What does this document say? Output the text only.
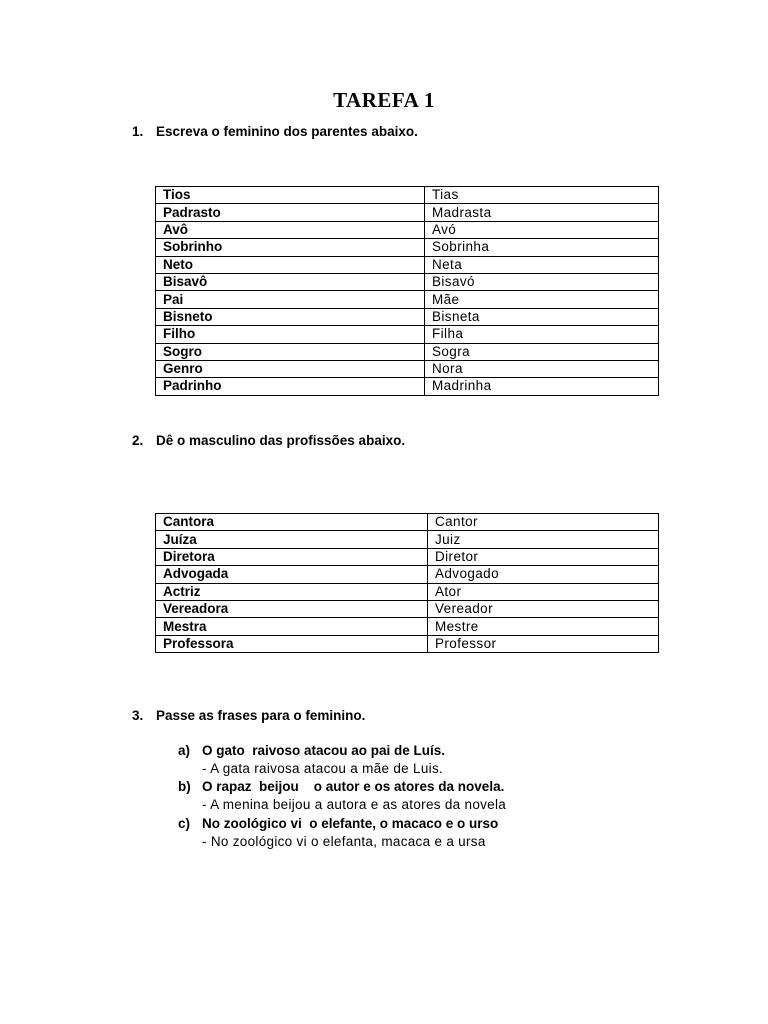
TAREFA 1
1. Escreva o feminino dos parentes abaixo.
Tios	Tias
Padrasto	Madrasta
Avô	Avó
Sobrinho	Sobrinha
Neto	Neta
Bisavô	Bisavó
Pai	Mãe
Bisneto	Bisneta
Filho	Filha
Sogro	Sogra
Genro	Nora
Padrinho	Madrinha
2. Dê o masculino das profissões abaixo.
Cantora	Cantor
Juíza	Juiz
Diretora	Diretor
Advogada	Advogado
Actriz	Ator
Vereadora	Vereador
Mestra	Mestre
Professora	Professor
3. Passe as frases para o feminino.
a) O gato  raivoso atacou ao pai de Luís.
- A gata raivosa atacou a mãe de Luis.
b) O rapaz  beijou    o autor e os atores da novela.
- A menina beijou a autora e as atores da novela
c) No zoológico vi  o elefante, o macaco e o urso
- No zoológico vi o elefanta, macaca e a ursa
